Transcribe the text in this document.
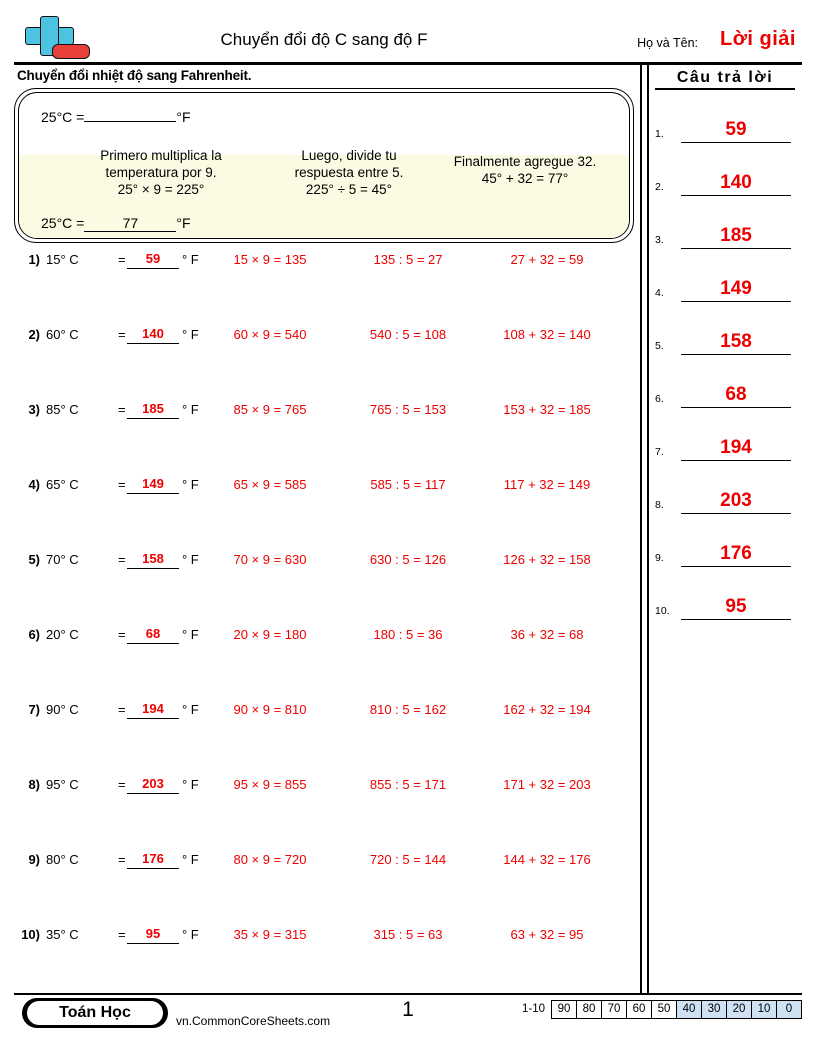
Chuyển đổi độ C sang độ F	Họ và Tên: Lời giải
Chuyển đổi nhiệt độ sang Fahrenheit.
25°C =	°F
Primero multiplica la
temperatura por 9.
25° × 9 = 225°
Luego, divide tu
respuesta entre 5.
225° ÷ 5 = 45°
Finalmente agregue 32.
45° + 32 = 77°
25°C =	77	°F
1) 15° C	=	59	° F	15 × 9 = 135	135 : 5 = 27	27 + 32 = 59
2) 60° C	=	140	° F	60 × 9 = 540	540 : 5 = 108	108 + 32 = 140
3) 85° C	=	185	° F	85 × 9 = 765	765 : 5 = 153	153 + 32 = 185
4) 65° C	=	149	° F	65 × 9 = 585	585 : 5 = 117	117 + 32 = 149
5) 70° C	=	158	° F	70 × 9 = 630	630 : 5 = 126	126 + 32 = 158
6) 20° C	=	68	° F	20 × 9 = 180	180 : 5 = 36	36 + 32 = 68
7) 90° C	=	194	° F	90 × 9 = 810	810 : 5 = 162	162 + 32 = 194
8) 95° C	=	203	° F	95 × 9 = 855	855 : 5 = 171	171 + 32 = 203
9) 80° C	=	176	° F	80 × 9 = 720	720 : 5 = 144	144 + 32 = 176
10) 35° C	=	95	° F	35 × 9 = 315	315 : 5 = 63	63 + 32 = 95
Câu trả lời
1.	59
2.	140
3.	185
4.	149
5.	158
6.	68
7.	194
8.	203
9.	176
10.	95
Toán Học	vn.CommonCoreSheets.com	1	1-10	90	80	70	60	50	40	30	20	10	0
